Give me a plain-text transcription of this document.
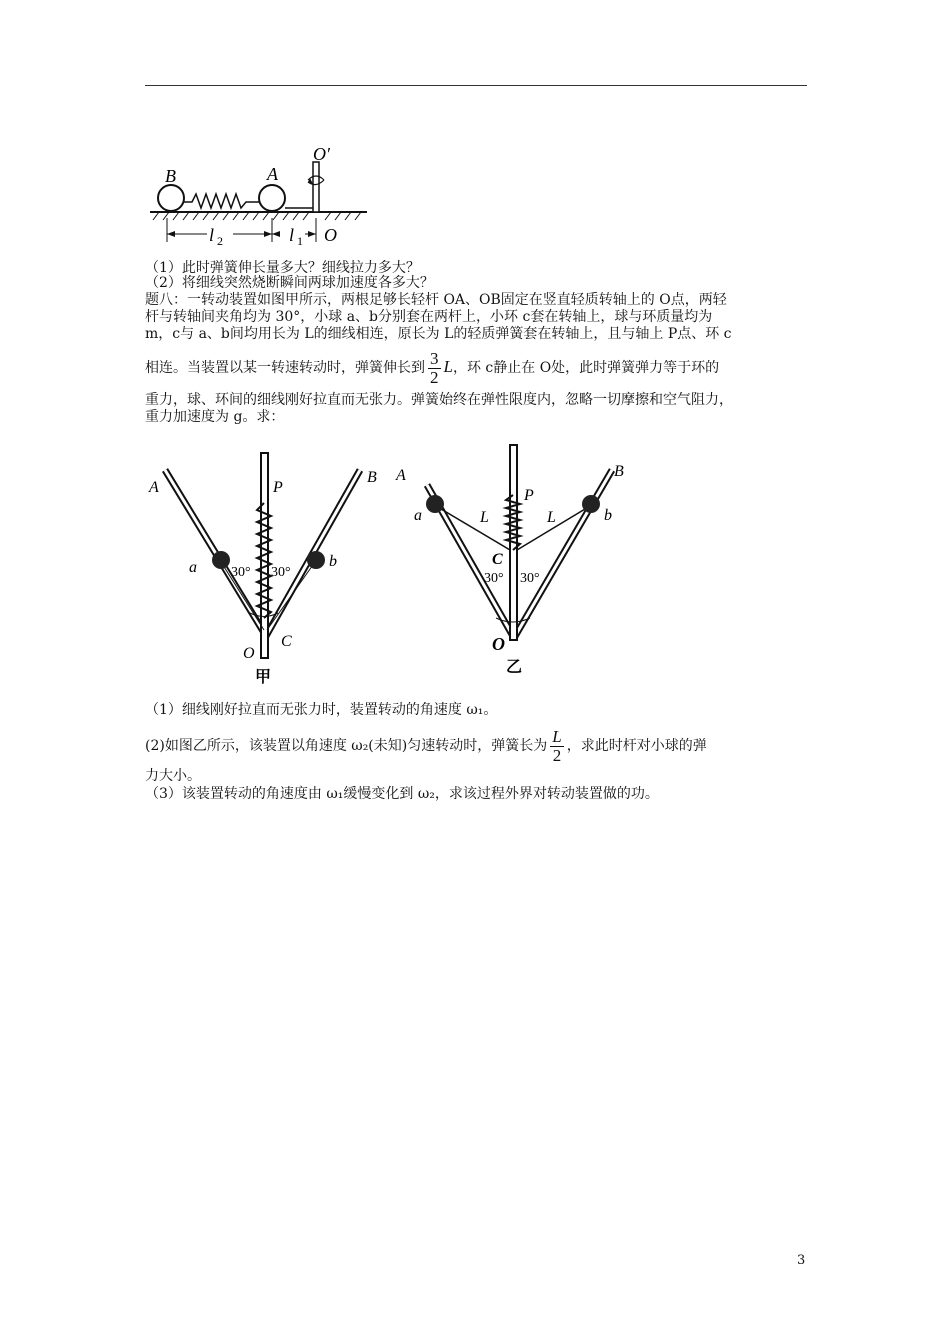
B	A
O′
l 2	l 1 O
（1）此时弹簧伸长量多大？细线拉力多大？
（2）将细线突然烧断瞬间两球加速度各多大？
题八：一转动装置如图甲所示，两根足够长轻杆 OA、OB固定在竖直轻质转轴上的 O点，两轻
杆与转轴间夹角均为 30°，小球 a、b分别套在两杆上，小环 c套在转轴上，球与环质量均为
m，c与 a、b间均用长为 L的细线相连，原长为 L的轻质弹簧套在转轴上，且与轴上 P点、环 c
相连。当装置以某一转速转动时，弹簧伸长到 $\frac{3}{2}$ L，环 c静止在 O处，此时弹簧弹力等于环的
重力，球、环间的细线刚好拉直而无张力。弹簧始终在弹性限度内，忽略一切摩擦和空气阻力，
重力加速度为 g。求：
A
B
P
a	b
30° 30°
O
C
甲
A	B
P
a	b
L	L
C
30° 30°
O
乙
（1）细线刚好拉直而无张力时，装置转动的角速度 ω₁。
(2)如图乙所示，该装置以角速度 ω₂(未知)匀速转动时，弹簧长为 $\frac{L}{2}$ ，求此时杆对小球的弹
力大小。
（3）该装置转动的角速度由 ω₁缓慢变化到 ω₂，求该过程外界对转动装置做的功。
3
